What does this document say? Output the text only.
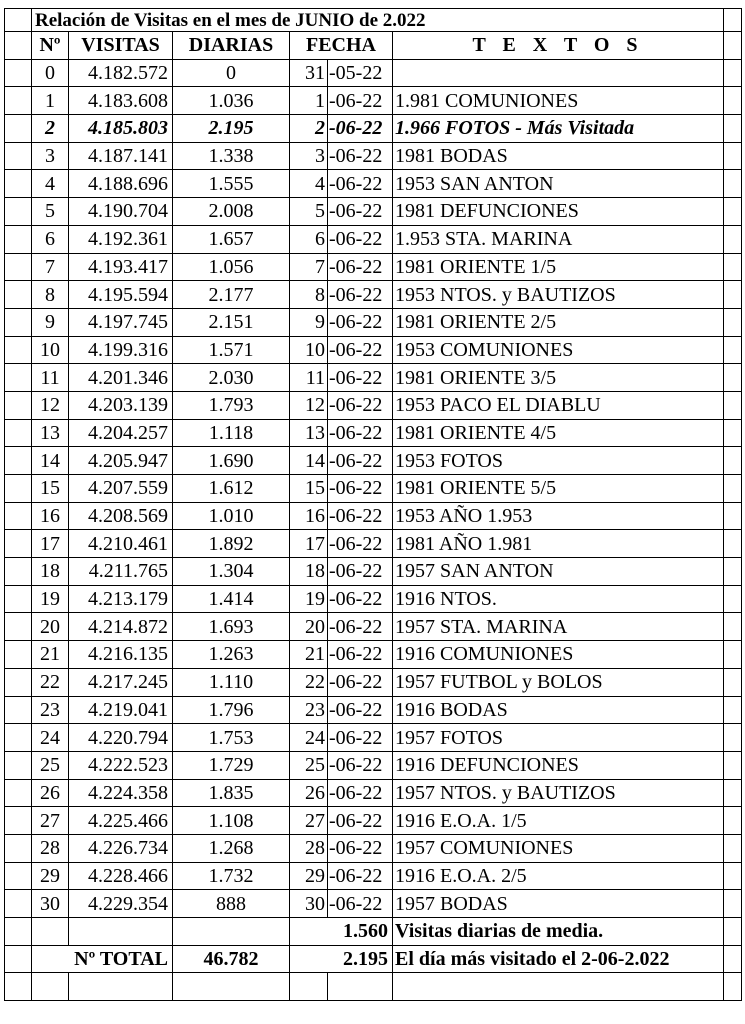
	Relación de Visitas en el mes de JUNIO de 2.022						
	Nº	VISITAS	DIARIAS	FECHA		T E X T O S	
	0	4.182.572	0	31	-05-22		
	1	4.183.608	1.036	1	-06-22	1.981 COMUNIONES	
	2	4.185.803	2.195	2	-06-22	1.966 FOTOS - Más Visitada	
	3	4.187.141	1.338	3	-06-22	1981 BODAS	
	4	4.188.696	1.555	4	-06-22	1953 SAN ANTON	
	5	4.190.704	2.008	5	-06-22	1981 DEFUNCIONES	
	6	4.192.361	1.657	6	-06-22	1.953 STA. MARINA	
	7	4.193.417	1.056	7	-06-22	1981 ORIENTE 1/5	
	8	4.195.594	2.177	8	-06-22	1953 NTOS. y BAUTIZOS	
	9	4.197.745	2.151	9	-06-22	1981 ORIENTE 2/5	
	10	4.199.316	1.571	10	-06-22	1953 COMUNIONES	
	11	4.201.346	2.030	11	-06-22	1981 ORIENTE 3/5	
	12	4.203.139	1.793	12	-06-22	1953 PACO EL DIABLU	
	13	4.204.257	1.118	13	-06-22	1981 ORIENTE 4/5	
	14	4.205.947	1.690	14	-06-22	1953 FOTOS	
	15	4.207.559	1.612	15	-06-22	1981 ORIENTE 5/5	
	16	4.208.569	1.010	16	-06-22	1953 AÑO 1.953	
	17	4.210.461	1.892	17	-06-22	1981 AÑO 1.981	
	18	4.211.765	1.304	18	-06-22	1957 SAN ANTON	
	19	4.213.179	1.414	19	-06-22	1916 NTOS.	
	20	4.214.872	1.693	20	-06-22	1957 STA. MARINA	
	21	4.216.135	1.263	21	-06-22	1916 COMUNIONES	
	22	4.217.245	1.110	22	-06-22	1957 FUTBOL y BOLOS	
	23	4.219.041	1.796	23	-06-22	1916 BODAS	
	24	4.220.794	1.753	24	-06-22	1957 FOTOS	
	25	4.222.523	1.729	25	-06-22	1916 DEFUNCIONES	
	26	4.224.358	1.835	26	-06-22	1957 NTOS. y BAUTIZOS	
	27	4.225.466	1.108	27	-06-22	1916 E.O.A. 1/5	
	28	4.226.734	1.268	28	-06-22	1957 COMUNIONES	
	29	4.228.466	1.732	29	-06-22	1916 E.O.A. 2/5	
	30	4.229.354	888	30	-06-22	1957 BODAS	
				1.560		Visitas diarias de media.	
	Nº TOTAL		46.782	2.195		El día más visitado el 2-06-2.022	
